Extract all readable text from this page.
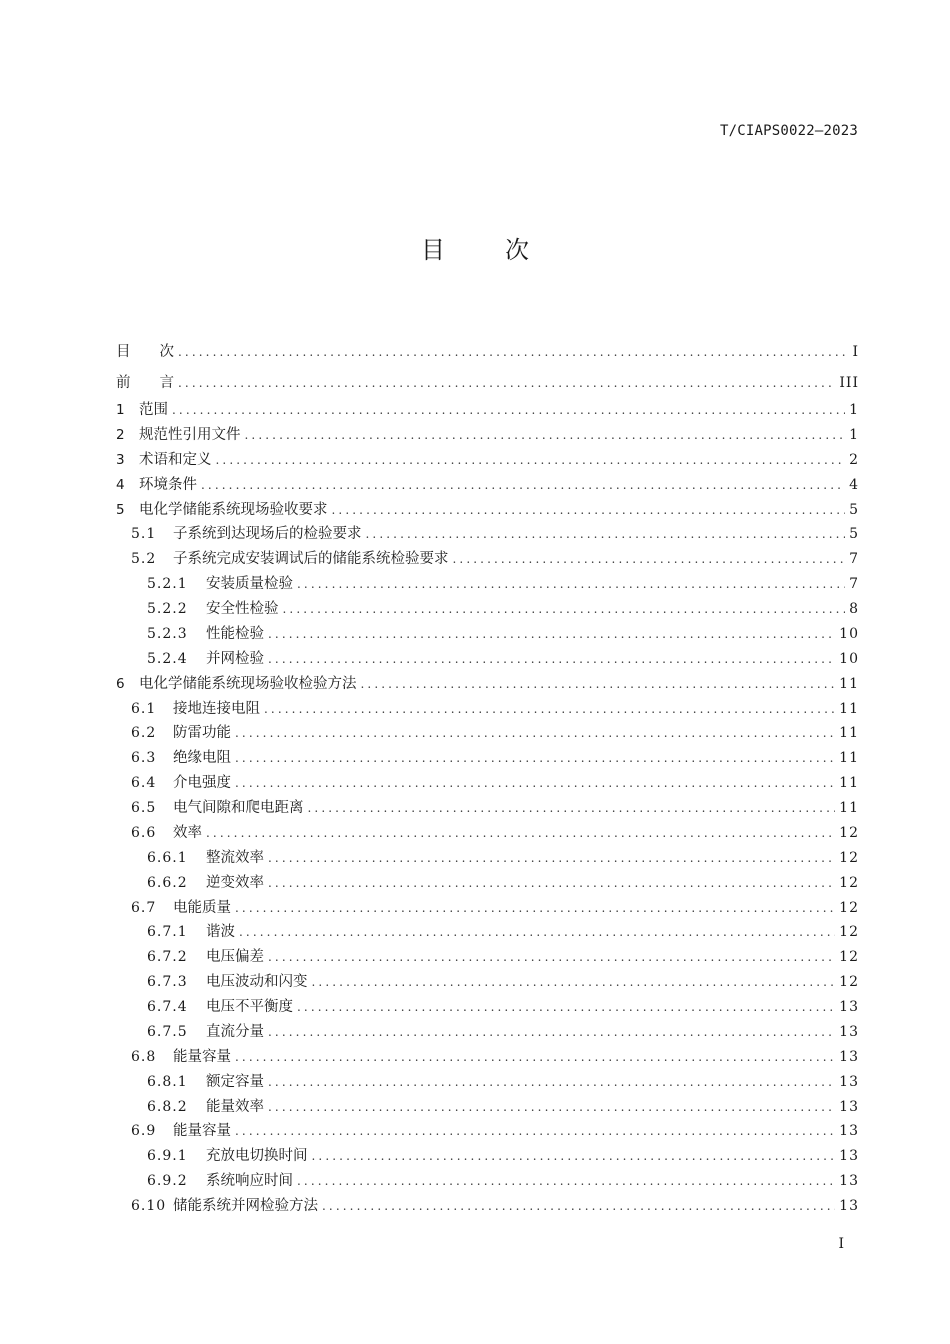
T/CIAPS0022—2023
目	次
目　　次 .....	I
前　　言 .....	III
1 范围 .....	1
2 规范性引用文件 .....	1
3 术语和定义 .....	2
4 环境条件 .....	4
5 电化学储能系统现场验收要求 .....	5
5.1	子系统到达现场后的检验要求 .....	5
5.2	子系统完成安装调试后的储能系统检验要求 .....	7
5.2.1	安装质量检验 .....	7
5.2.2	安全性检验 .....	8
5.2.3	性能检验 .....	10
5.2.4	并网检验 .....	10
6 电化学储能系统现场验收检验方法 .....	11
6.1	接地连接电阻 .....	11
6.2	防雷功能 .....	11
6.3	绝缘电阻 .....	11
6.4	介电强度 .....	11
6.5	电气间隙和爬电距离 .....	11
6.6	效率 .....	12
6.6.1	整流效率 .....	12
6.6.2	逆变效率 .....	12
6.7	电能质量 .....	12
6.7.1	谐波 .....	12
6.7.2	电压偏差 .....	12
6.7.3	电压波动和闪变 .....	12
6.7.4	电压不平衡度 .....	13
6.7.5	直流分量 .....	13
6.8	能量容量 .....	13
6.8.1	额定容量 .....	13
6.8.2	能量效率 .....	13
6.9	能量容量 .....	13
6.9.1	充放电切换时间 .....	13
6.9.2	系统响应时间 .....	13
6.10 储能系统并网检验方法 .....	13
I
